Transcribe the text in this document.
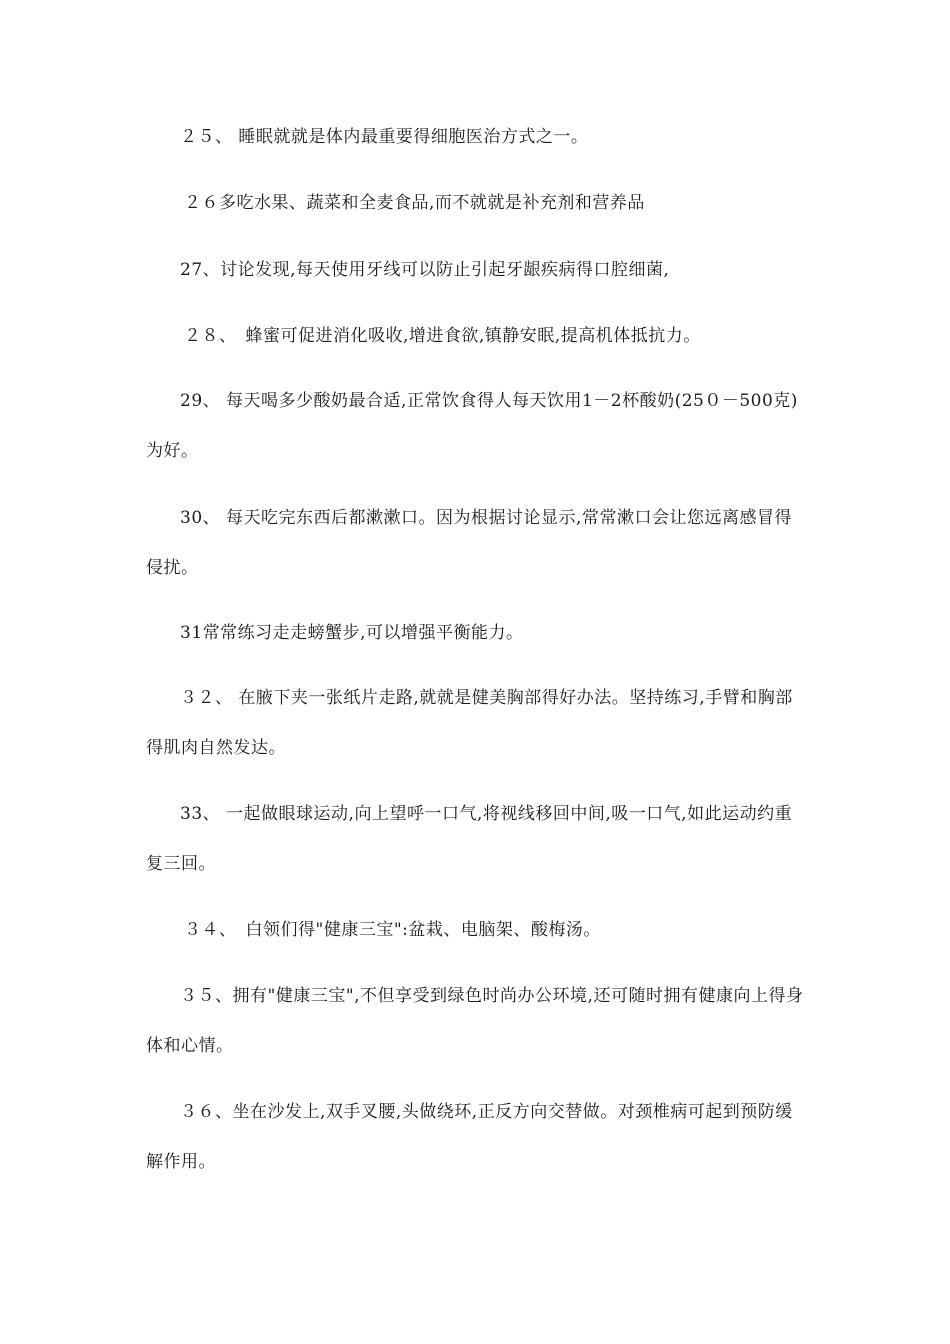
２５、 睡眠就就是体内最重要得细胞医治方式之一。

２６多吃水果、蔬菜和全麦食品,而不就就是补充剂和营养品

27、讨论发现,每天使用牙线可以防止引起牙龈疾病得口腔细菌,

２８、　蜂蜜可促进消化吸收,增进食欲,镇静安眠,提高机体抵抗力。

29、 每天喝多少酸奶最合适,正常饮食得人每天饮用1－2杯酸奶(25０－500克)为好。

30、 每天吃完东西后都漱漱口。因为根据讨论显示,常常漱口会让您远离感冒得侵扰。

31常常练习走走螃蟹步,可以增强平衡能力。

３２、 在腋下夹一张纸片走路,就就是健美胸部得好办法。坚持练习,手臂和胸部得肌肉自然发达。

33、 一起做眼球运动,向上望呼一口气,将视线移回中间,吸一口气,如此运动约重复三回。

３４、　白领们得"健康三宝":盆栽、电脑架、酸梅汤。

３５、拥有"健康三宝",不但享受到绿色时尚办公环境,还可随时拥有健康向上得身体和心情。

３６、坐在沙发上,双手叉腰,头做绕环,正反方向交替做。对颈椎病可起到预防缓解作用。
